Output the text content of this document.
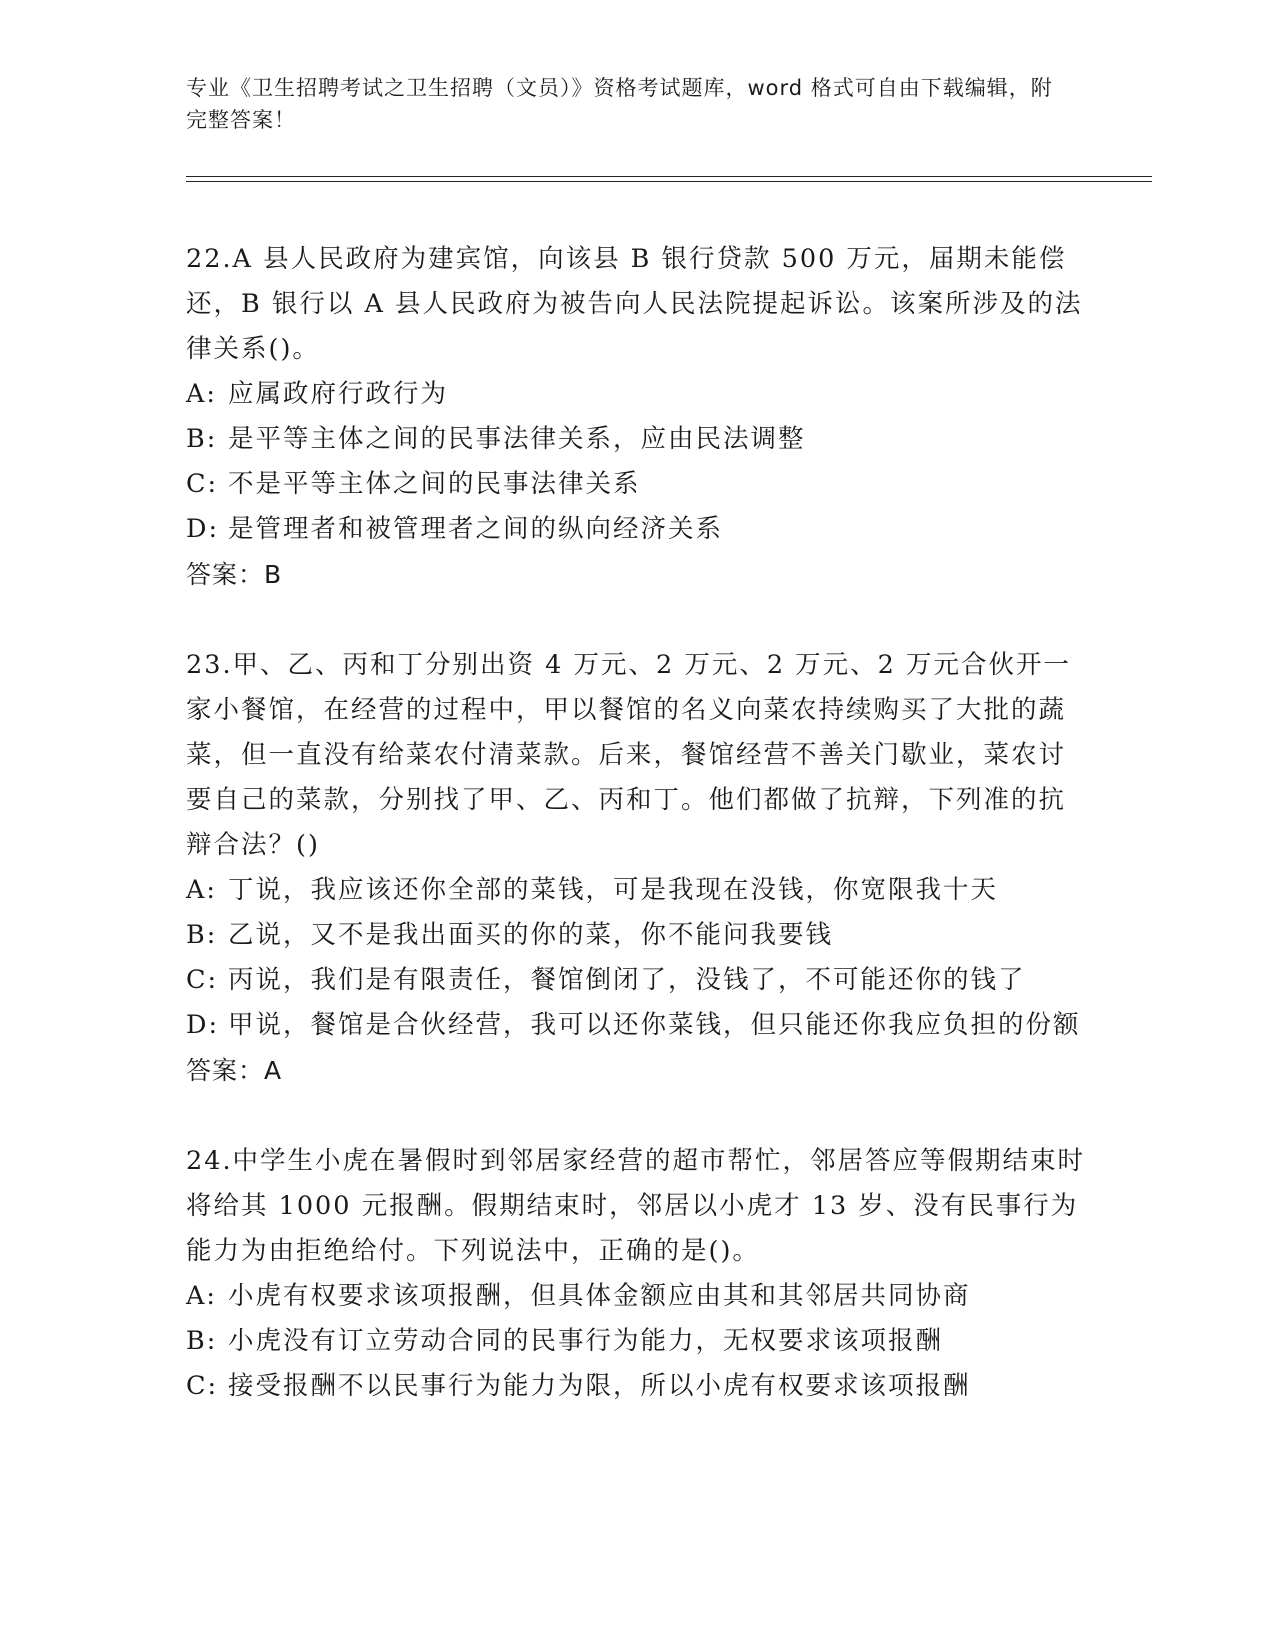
专业《卫生招聘考试之卫生招聘（文员）》资格考试题库，word 格式可自由下载编辑，附完整答案！
22.A 县人民政府为建宾馆，向该县 B 银行贷款 500 万元，届期未能偿还，B 银行以 A 县人民政府为被告向人民法院提起诉讼。该案所涉及的法律关系()。
A: 应属政府行政行为
B: 是平等主体之间的民事法律关系，应由民法调整
C: 不是平等主体之间的民事法律关系
D: 是管理者和被管理者之间的纵向经济关系
答案：B
23.甲、乙、丙和丁分别出资 4 万元、2 万元、2 万元、2 万元合伙开一家小餐馆，在经营的过程中，甲以餐馆的名义向菜农持续购买了大批的蔬菜，但一直没有给菜农付清菜款。后来，餐馆经营不善关门歇业，菜农讨要自己的菜款，分别找了甲、乙、丙和丁。他们都做了抗辩，下列准的抗辩合法？()
A: 丁说，我应该还你全部的菜钱，可是我现在没钱，你宽限我十天
B: 乙说，又不是我出面买的你的菜，你不能问我要钱
C: 丙说，我们是有限责任，餐馆倒闭了，没钱了，不可能还你的钱了
D: 甲说，餐馆是合伙经营，我可以还你菜钱，但只能还你我应负担的份额
答案：A
24.中学生小虎在暑假时到邻居家经营的超市帮忙，邻居答应等假期结束时将给其 1000 元报酬。假期结束时，邻居以小虎才 13 岁、没有民事行为能力为由拒绝给付。下列说法中，正确的是()。
A: 小虎有权要求该项报酬，但具体金额应由其和其邻居共同协商
B: 小虎没有订立劳动合同的民事行为能力，无权要求该项报酬
C: 接受报酬不以民事行为能力为限，所以小虎有权要求该项报酬
